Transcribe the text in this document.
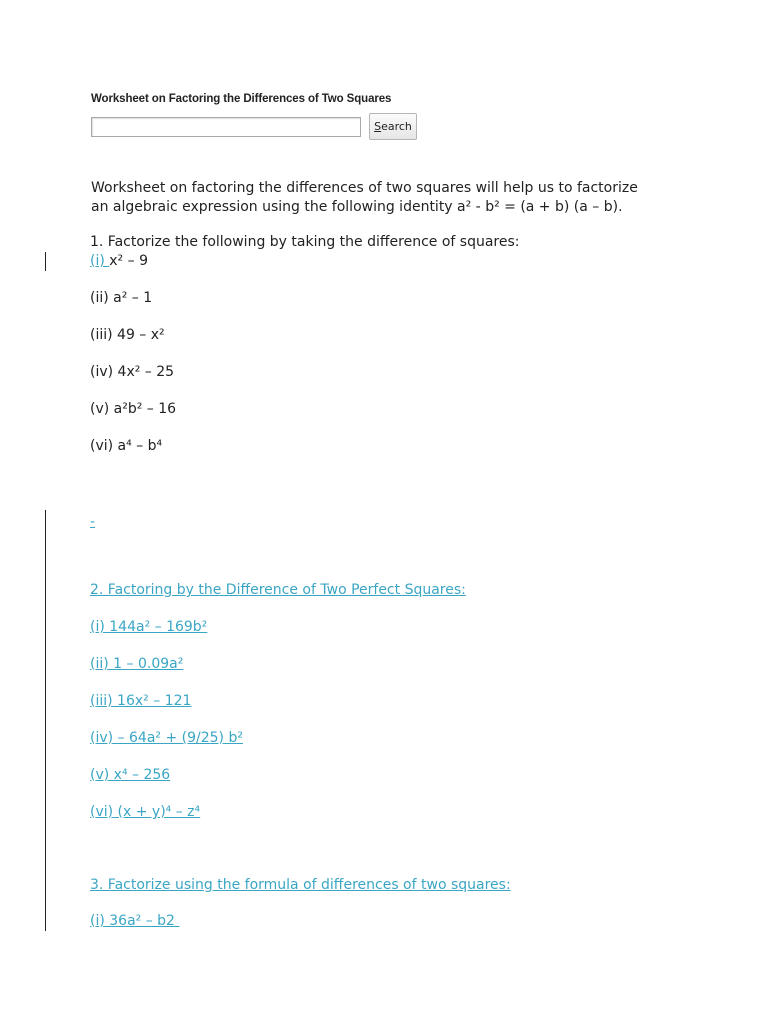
Worksheet on Factoring the Differences of Two Squares
S earch
Worksheet on factoring the differences of two squares will help us to factorize
an algebraic expression using the following identity a² - b² = (a + b) (a – b).
1. Factorize the following by taking the difference of squares:
(i) x² – 9
(ii) a² – 1
(iii) 49 – x²
(iv) 4x² – 25
(v) a²b² – 16
(vi) a⁴ – b⁴
-
2. Factoring by the Difference of Two Perfect Squares:
(i) 144a² – 169b²
(ii) 1 – 0.09a²
(iii) 16x² – 121
(iv) – 64a² + (9/25) b²
(v) x⁴ – 256
(vi) (x + y)⁴ – z⁴
3. Factorize using the formula of differences of two squares:
(i) 36a² – b2
